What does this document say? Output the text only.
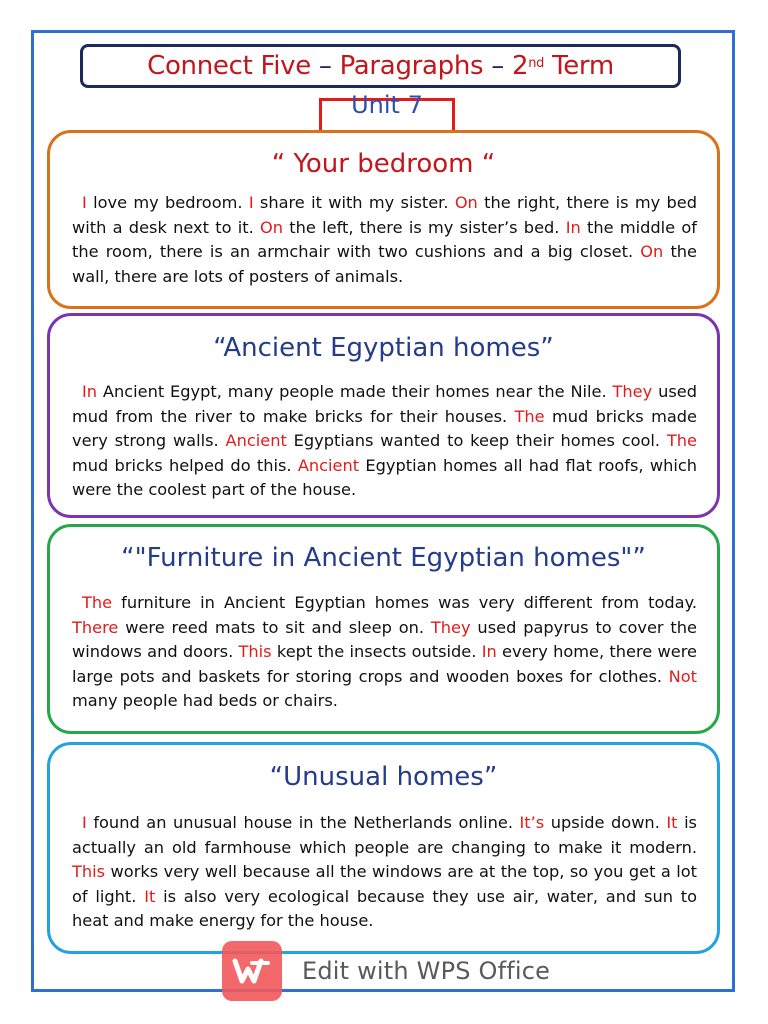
Unit 7
Connect Five – Paragraphs – 2nd Term
“ Your bedroom “

I love my bedroom. I share it with my sister. On the right, there is my bed with a desk next to it. On the left, there is my sister’s bed. In the middle of the room, there is an armchair with two cushions and a big closet. On the wall, there are lots of posters of animals.

“Ancient Egyptian homes”

In Ancient Egypt, many people made their homes near the Nile. They used mud from the river to make bricks for their houses. The mud bricks made very strong walls. Ancient Egyptians wanted to keep their homes cool. The mud bricks helped do this. Ancient Egyptian homes all had flat roofs, which were the coolest part of the house.

“"Furniture in Ancient Egyptian homes"”

The furniture in Ancient Egyptian homes was very different from today. There were reed mats to sit and sleep on. They used papyrus to cover the windows and doors. This kept the insects outside. In every home, there were large pots and baskets for storing crops and wooden boxes for clothes. Not many people had beds or chairs.

“Unusual homes”

I found an unusual house in the Netherlands online. It’s upside down. It is actually an old farmhouse which people are changing to make it modern. This works very well because all the windows are at the top, so you get a lot of light. It is also very ecological because they use air, water, and sun to heat and make energy for the house.

Edit with WPS Office
